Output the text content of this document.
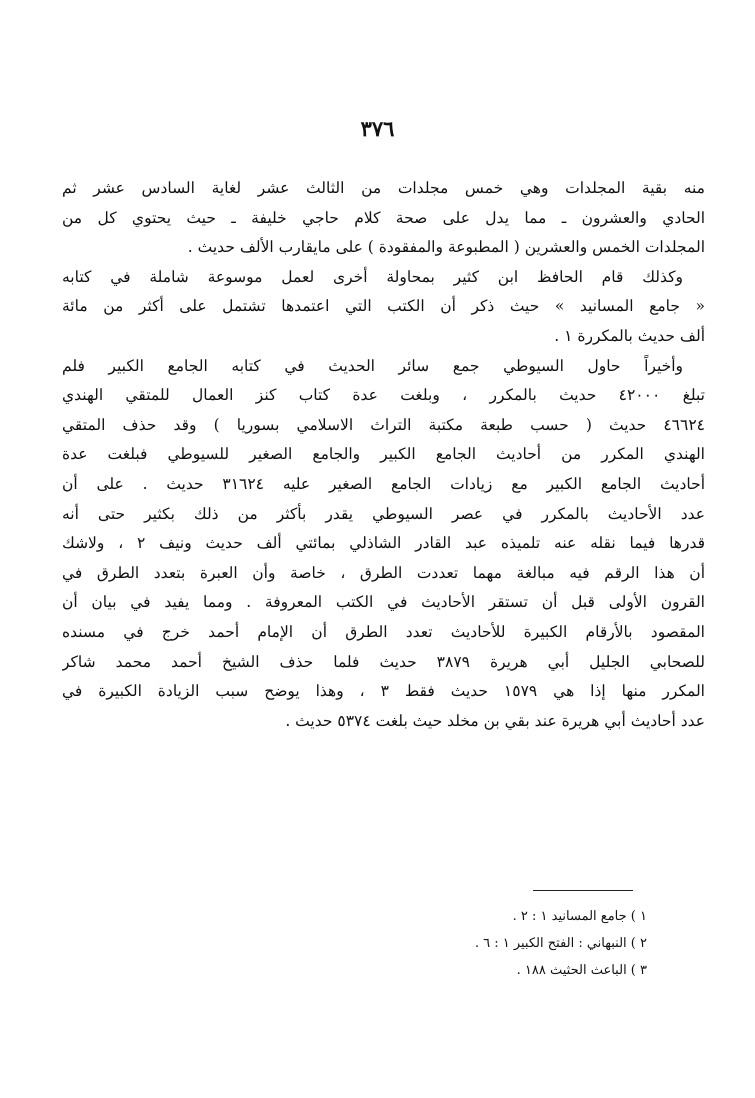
٣٧٦
منه بقية المجلدات وهي خمس مجلدات من الثالث عشر لغاية السادس عشر ثم
الحادي والعشرون ـ مما يدل على صحة كلام حاجي خليفة ـ حيث يحتوي كل من
المجلدات الخمس والعشرين ( المطبوعة والمفقودة ) على مايقارب الألف حديث .
وكذلك قام الحافظ ابن كثير بمحاولة أخرى لعمل موسوعة شاملة في كتابه
« جامع المسانيد » حيث ذكر أن الكتب التي اعتمدها تشتمل على أكثر من مائة
ألف حديث بالمكررة ١ .
وأخيراً حاول السيوطي جمع سائر الحديث في كتابه الجامع الكبير فلم
تبلغ ٤٢٠٠٠ حديث بالمكرر ، وبلغت عدة كتاب كنز العمال للمتقي الهندي
٤٦٦٢٤ حديث ( حسب طبعة مكتبة التراث الاسلامي بسوريا ) وقد حذف المتقي
الهندي المكرر من أحاديث الجامع الكبير والجامع الصغير للسيوطي فبلغت عدة
أحاديث الجامع الكبير مع زيادات الجامع الصغير عليه ٣١٦٢٤ حديث . على أن
عدد الأحاديث بالمكرر في عصر السيوطي يقدر بأكثر من ذلك بكثير حتى أنه
قدرها فيما نقله عنه تلميذه عبد القادر الشاذلي بمائتي ألف حديث ونيف ٢ ، ولاشك
أن هذا الرقم فيه مبالغة مهما تعددت الطرق ، خاصة وأن العبرة بتعدد الطرق في
القرون الأولى قبل أن تستقر الأحاديث في الكتب المعروفة . ومما يفيد في بيان أن
المقصود بالأرقام الكبيرة للأحاديث تعدد الطرق أن الإمام أحمد خرج في مسنده
للصحابي الجليل أبي هريرة ٣٨٧٩ حديث فلما حذف الشيخ أحمد محمد شاكر
المكرر منها إذا هي ١٥٧٩ حديث فقط ٣ ، وهذا يوضح سبب الزيادة الكبيرة في
عدد أحاديث أبي هريرة عند بقي بن مخلد حيث بلغت ٥٣٧٤ حديث .
١ ) جامع المسانيد ١ : ٢ .
٢ ) النبهاني : الفتح الكبير ١ : ٦ .
٣ ) الباعث الحثيث ١٨٨ .
